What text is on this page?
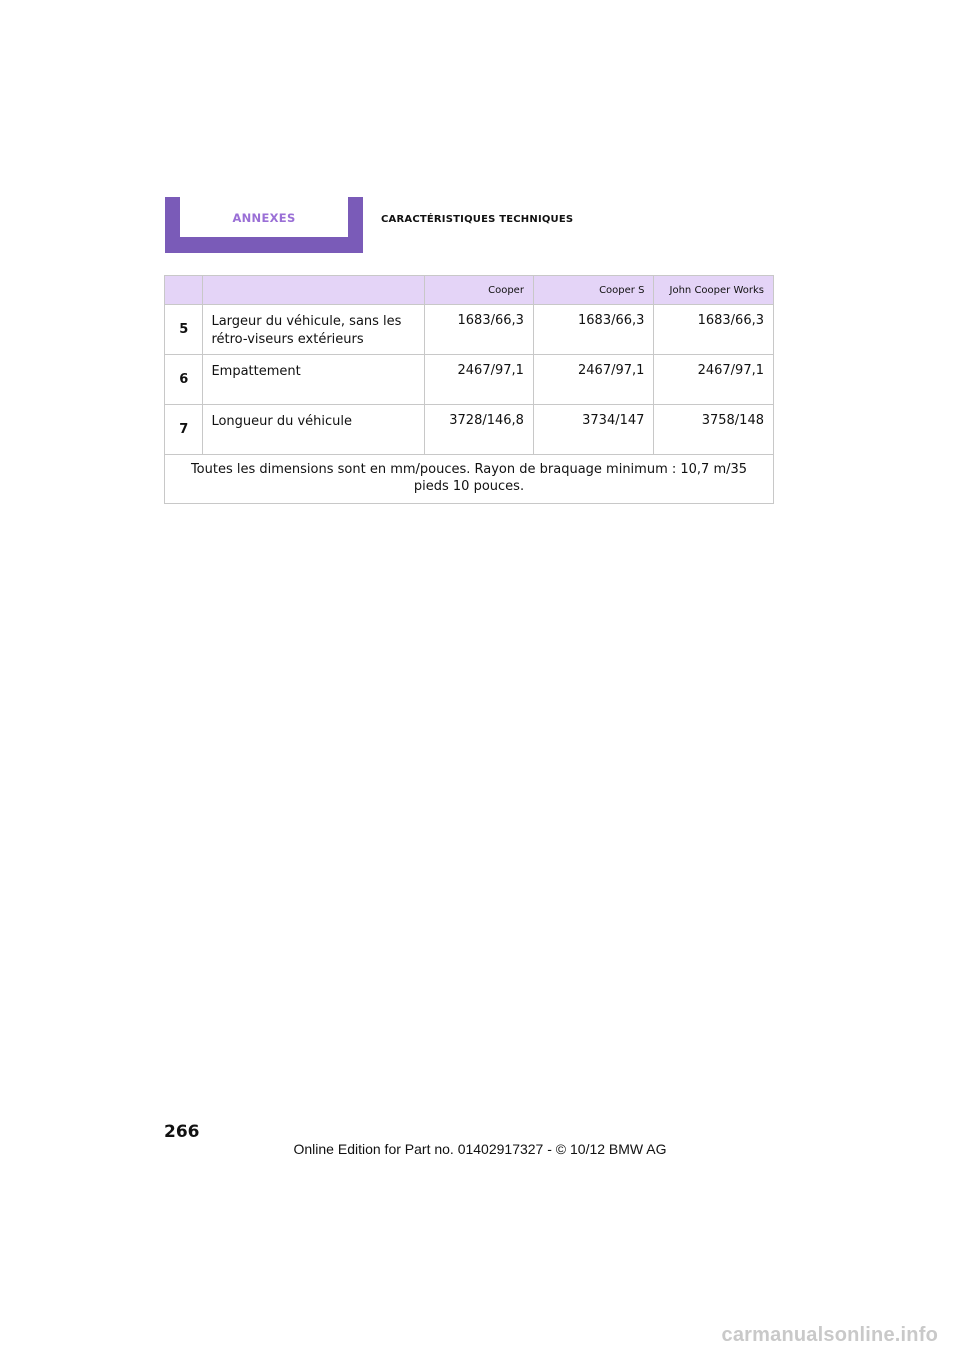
ANNEXES	CARACTÉRISTIQUES TECHNIQUES
		Cooper	Cooper S	John Cooper Works
5	Largeur du véhicule, sans les rétro-viseurs extérieurs	1683/66,3	1683/66,3	1683/66,3
6	Empattement	2467/97,1	2467/97,1	2467/97,1
7	Longueur du véhicule	3728/146,8	3734/147	3758/148
Toutes les dimensions sont en mm/pouces. Rayon de braquage minimum : 10,7 m/35 pieds 10 pouces.				
266
Online Edition for Part no. 01402917327 - © 10/12 BMW AG
carmanualsonline.info
